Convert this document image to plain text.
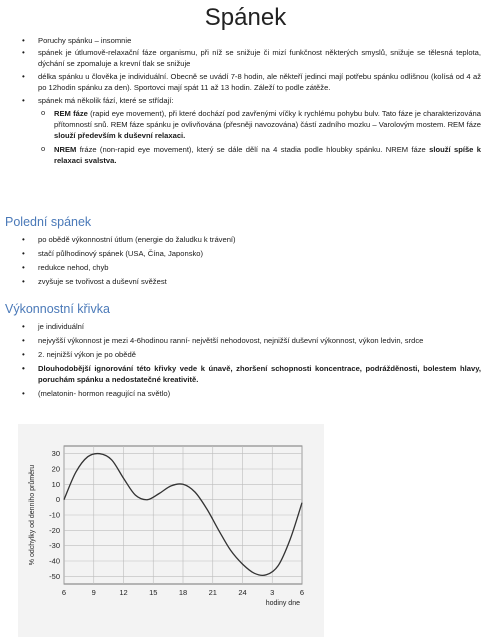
Spánek
• Poruchy spánku – insomnie
• spánek je útlumově-relaxační fáze organismu, při níž se snižuje či mizí funkčnost některých smyslů, snižuje se tělesná teplota, dýchání se zpomaluje a krevní tlak se snižuje
• délka spánku u člověka je individuální. Obecně se uvádí 7-8 hodin, ale někteří jedinci mají potřebu spánku odlišnou (kolísá od 4 až po 12hodin spánku za den). Sportovci mají spát 11 až 13 hodin. Záleží to podle zátěže.
• spánek má několik fází, které se střídají:
o REM fáze (rapid eye movement), při které dochází pod zavřenými víčky k rychlému pohybu bulv. Tato fáze je charakterizována přítomností snů. REM fáze spánku je ovlivňována (přesněji navozována) částí zadního mozku – Varolovým mostem. REM fáze slouží především k duševní relaxaci.
o NREM fráze (non-rapid eye movement), který se dále dělí na 4 stadia podle hloubky spánku. NREM fáze slouží spíše k relaxaci svalstva.
Polední spánek
• po obědě výkonnostní útlum (energie do žaludku k trávení)
• stačí půlhodinový spánek (USA, Čína, Japonsko)
• redukce nehod, chyb
• zvyšuje se tvořivost a duševní svěžest
Výkonnostní křivka
• je individuální
• nejvyšší výkonnost je mezi 4-6hodinou ranní- největší nehodovost, nejnižší duševní výkonnost, výkon ledvin, srdce
• 2. nejnižší výkon je po obědě
• Dlouhodobější ignorování této křivky vede k únavě, zhoršení schopnosti koncentrace, podrážděnosti, bolestem hlavy, poruchám spánku a nedostatečné kreativitě.
• (melatonin- hormon reagující na světlo)
30
20
10
0
-10
-20
-30
-40
-50
6	9	12	15	18	21	24	3	6
hodiny dne
% odchylky od denního průměru
